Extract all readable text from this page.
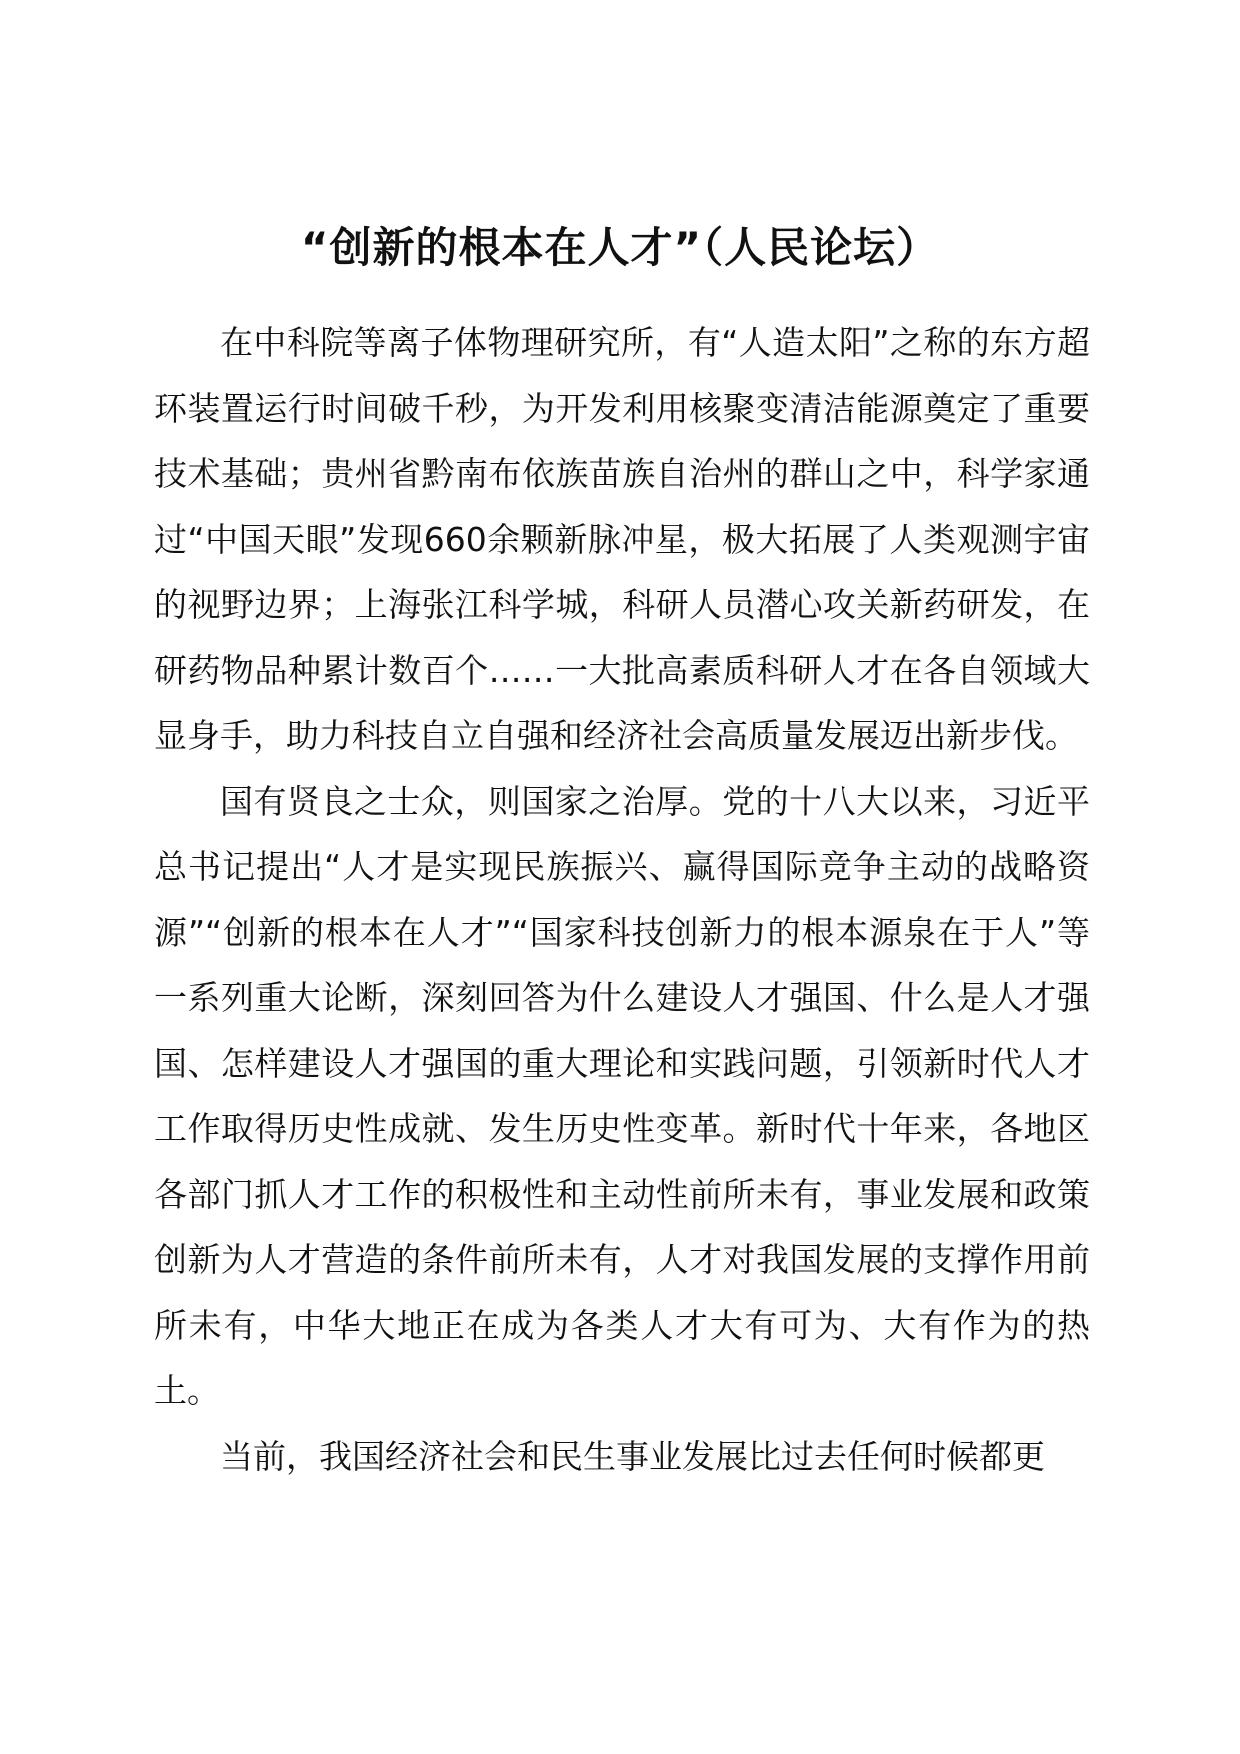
“创新的根本在人才”（人民论坛）

在中科院等离子体物理研究所，有“人造太阳”之称的东方超环装置运行时间破千秒，为开发利用核聚变清洁能源奠定了重要技术基础；贵州省黔南布依族苗族自治州的群山之中，科学家通过“中国天眼”发现660余颗新脉冲星，极大拓展了人类观测宇宙的视野边界；上海张江科学城，科研人员潜心攻关新药研发，在研药物品种累计数百个……一大批高素质科研人才在各自领域大显身手，助力科技自立自强和经济社会高质量发展迈出新步伐。

国有贤良之士众，则国家之治厚。党的十八大以来，习近平总书记提出“人才是实现民族振兴、赢得国际竞争主动的战略资源”“创新的根本在人才”“国家科技创新力的根本源泉在于人”等一系列重大论断，深刻回答为什么建设人才强国、什么是人才强国、怎样建设人才强国的重大理论和实践问题，引领新时代人才工作取得历史性成就、发生历史性变革。新时代十年来，各地区各部门抓人才工作的积极性和主动性前所未有，事业发展和政策创新为人才营造的条件前所未有，人才对我国发展的支撑作用前所未有，中华大地正在成为各类人才大有可为、大有作为的热土。

当前，我国经济社会和民生事业发展比过去任何时候都更
